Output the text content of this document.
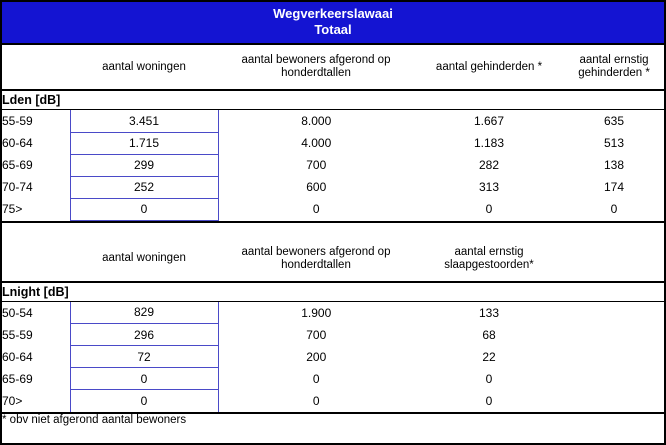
Wegverkeerslawaai
Totaal
	aantal woningen	aantal bewoners afgerond op honderdtallen	aantal gehinderden *	aantal ernstig gehinderden *
Lden [dB]				
55-59	3.451	8.000	1.667	635
60-64	1.715	4.000	1.183	513
65-69	299	700	282	138
70-74	252	600	313	174
75>	0	0	0	0

	aantal woningen	aantal bewoners afgerond op honderdtallen	aantal ernstig slaapgestoorden*	
Lnight [dB]				
50-54	829	1.900	133	
55-59	296	700	68	
60-64	72	200	22	
65-69	0	0	0	
70>	0	0	0	
* obv niet afgerond aantal bewoners				
